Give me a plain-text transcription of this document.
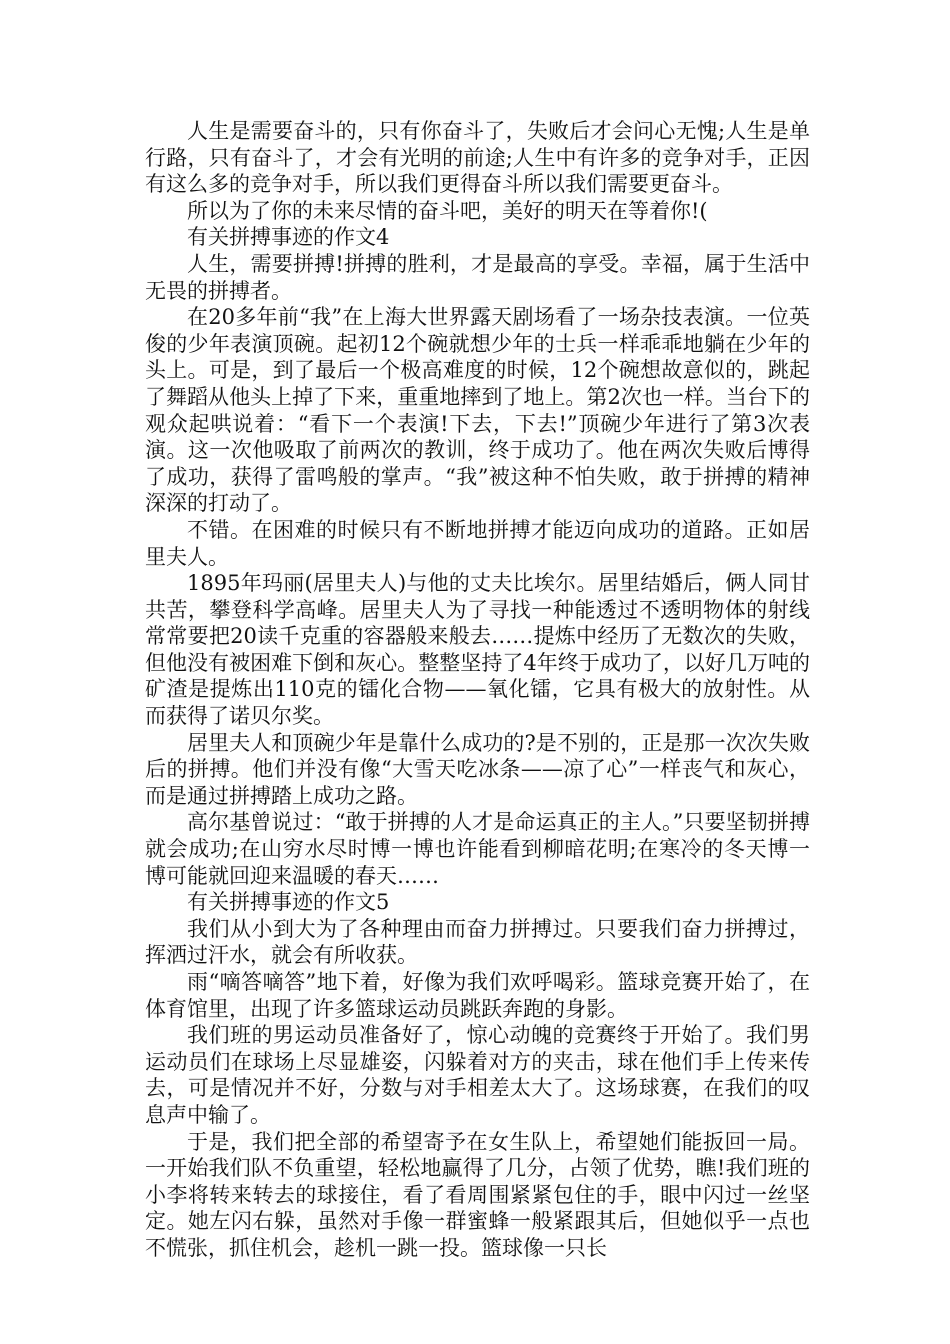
人生是需要奋斗的，只有你奋斗了，失败后才会问心无愧;人生是单行路，只有奋斗了，才会有光明的前途;人生中有许多的竞争对手，正因有这么多的竞争对手，所以我们更得奋斗所以我们需要更奋斗。

所以为了你的未来尽情的奋斗吧，美好的明天在等着你!(

有关拼搏事迹的作文4

人生，需要拼搏!拼搏的胜利，才是最高的享受。幸福，属于生活中无畏的拼搏者。

在20多年前“我”在上海大世界露天剧场看了一场杂技表演。一位英俊的少年表演顶碗。起初12个碗就想少年的士兵一样乖乖地躺在少年的头上。可是，到了最后一个极高难度的时候，12个碗想故意似的，跳起了舞蹈从他头上掉了下来，重重地摔到了地上。第2次也一样。当台下的观众起哄说着：“看下一个表演!下去，下去!”顶碗少年进行了第3次表演。这一次他吸取了前两次的教训，终于成功了。他在两次失败后博得了成功，获得了雷鸣般的掌声。“我”被这种不怕失败，敢于拼搏的精神深深的打动了。

不错。在困难的时候只有不断地拼搏才能迈向成功的道路。正如居里夫人。

1895年玛丽(居里夫人)与他的丈夫比埃尔。居里结婚后，俩人同甘共苦，攀登科学高峰。居里夫人为了寻找一种能透过不透明物体的射线常常要把20读千克重的容器般来般去……提炼中经历了无数次的失败，但他没有被困难下倒和灰心。整整坚持了4年终于成功了，以好几万吨的矿渣是提炼出110克的镭化合物——氧化镭，它具有极大的放射性。从而获得了诺贝尔奖。

居里夫人和顶碗少年是靠什么成功的?是不别的，正是那一次次失败后的拼搏。他们并没有像“大雪天吃冰条——凉了心”一样丧气和灰心，而是通过拼搏踏上成功之路。

高尔基曾说过：“敢于拼搏的人才是命运真正的主人。”只要坚韧拼搏就会成功;在山穷水尽时博一博也许能看到柳暗花明;在寒冷的冬天博一博可能就回迎来温暖的春天……

有关拼搏事迹的作文5

我们从小到大为了各种理由而奋力拼搏过。只要我们奋力拼搏过，挥洒过汗水，就会有所收获。

雨“嘀答嘀答”地下着，好像为我们欢呼喝彩。篮球竞赛开始了，在体育馆里，出现了许多篮球运动员跳跃奔跑的身影。

我们班的男运动员准备好了，惊心动魄的竞赛终于开始了。我们男运动员们在球场上尽显雄姿，闪躲着对方的夹击，球在他们手上传来传去，可是情况并不好，分数与对手相差太大了。这场球赛，在我们的叹息声中输了。

于是，我们把全部的希望寄予在女生队上，希望她们能扳回一局。一开始我们队不负重望，轻松地赢得了几分，占领了优势，瞧!我们班的小李将转来转去的球接住，看了看周围紧紧包住的手，眼中闪过一丝坚定。她左闪右躲，虽然对手像一群蜜蜂一般紧跟其后，但她似乎一点也不慌张，抓住机会，趁机一跳一投。篮球像一只长
